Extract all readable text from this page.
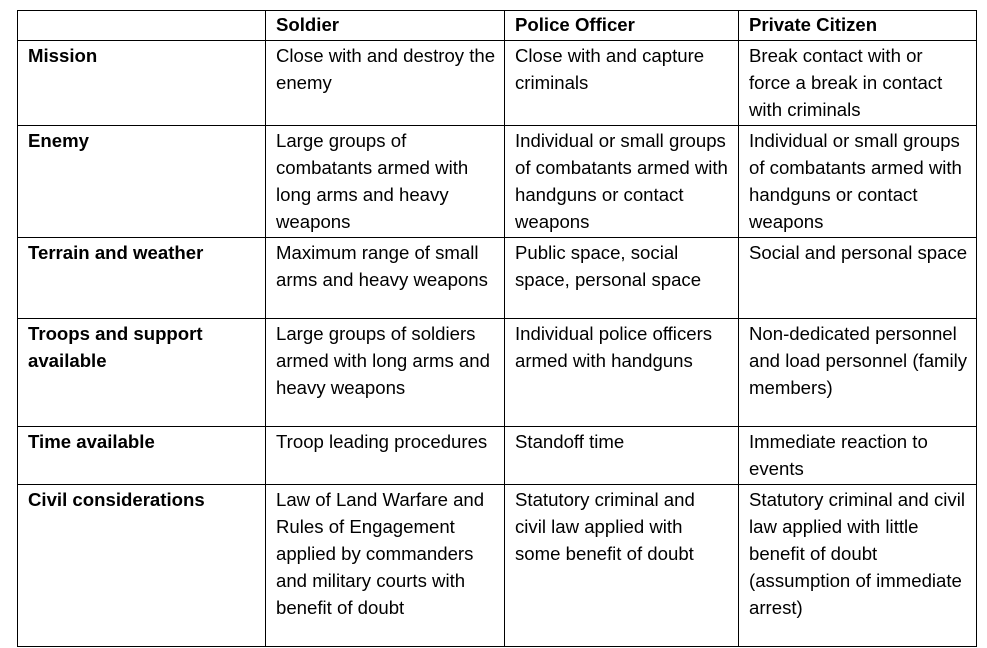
	Soldier	Police Officer	Private Citizen
Mission	Close with and destroy the enemy	Close with and capture criminals	Break contact with or force a break in contact with criminals
Enemy	Large groups of combatants armed with long arms and heavy weapons	Individual or small groups of combatants armed with handguns or contact weapons	Individual or small groups of combatants armed with handguns or contact weapons
Terrain and weather	Maximum range of small arms and heavy weapons	Public space, social space, personal space	Social and personal space
Troops and support available	Large groups of soldiers armed with long arms and heavy weapons	Individual police officers armed with handguns	Non-dedicated personnel and load personnel (family members)
Time available	Troop leading procedures	Standoff time	Immediate reaction to events
Civil considerations	Law of Land Warfare and Rules of Engagement applied by commanders and military courts with benefit of doubt	Statutory criminal and civil law applied with some benefit of doubt	Statutory criminal and civil law applied with little benefit of doubt (assumption of immediate arrest)
